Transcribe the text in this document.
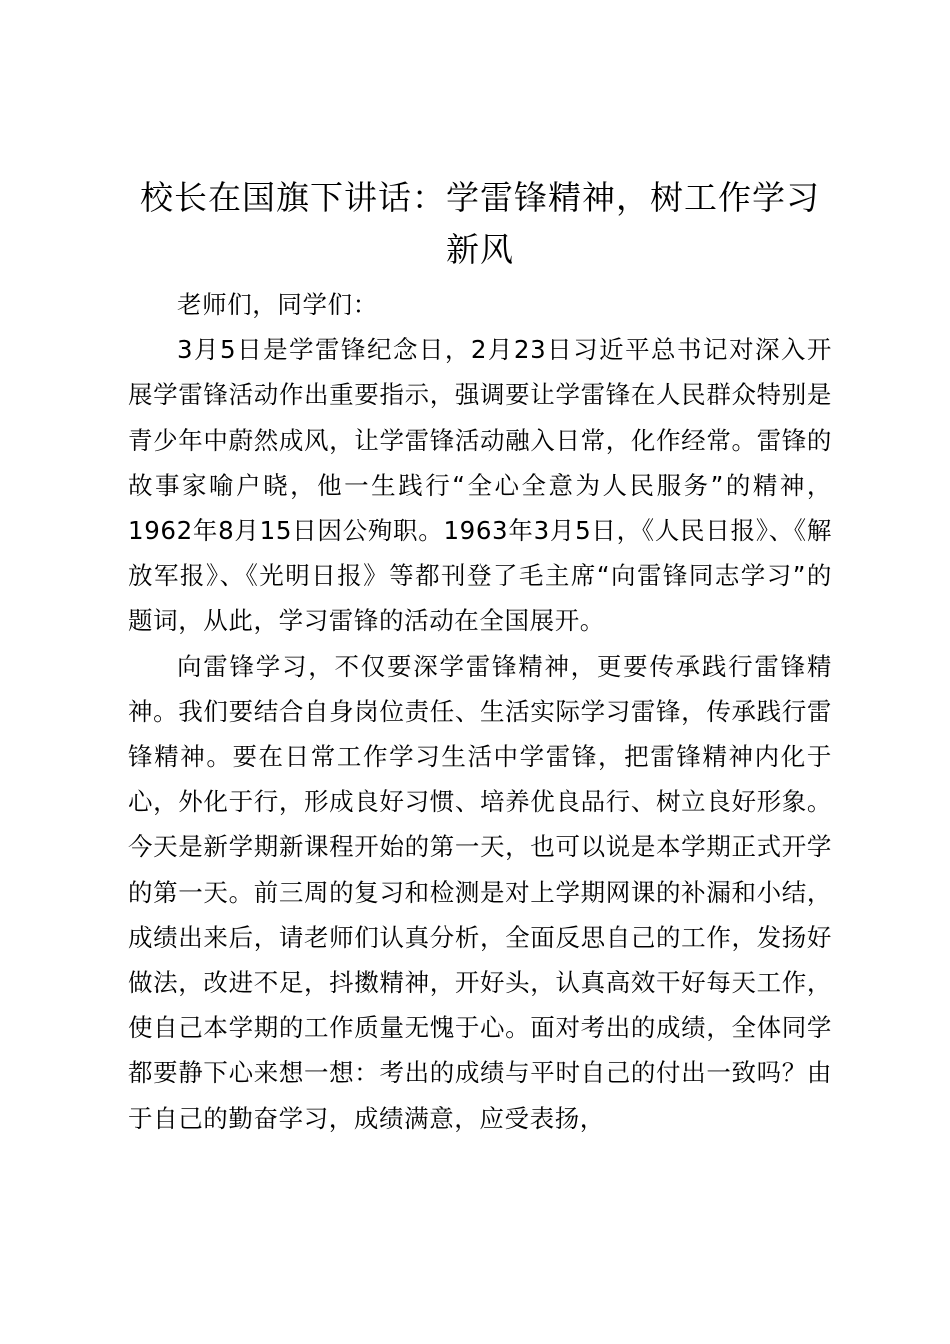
校长在国旗下讲话：学雷锋精神，树工作学习新风

老师们，同学们：

3月5日是学雷锋纪念日，2月23日习近平总书记对深入开展学雷锋活动作出重要指示，强调要让学雷锋在人民群众特别是青少年中蔚然成风，让学雷锋活动融入日常，化作经常。雷锋的故事家喻户晓，他一生践行“全心全意为人民服务”的精神，1962年8月15日因公殉职。1963年3月5日，《人民日报》、《解放军报》、《光明日报》等都刊登了毛主席“向雷锋同志学习”的题词，从此，学习雷锋的活动在全国展开。

向雷锋学习，不仅要深学雷锋精神，更要传承践行雷锋精神。我们要结合自身岗位责任、生活实际学习雷锋，传承践行雷锋精神。要在日常工作学习生活中学雷锋，把雷锋精神内化于心，外化于行，形成良好习惯、培养优良品行、树立良好形象。今天是新学期新课程开始的第一天，也可以说是本学期正式开学的第一天。前三周的复习和检测是对上学期网课的补漏和小结，成绩出来后，请老师们认真分析，全面反思自己的工作，发扬好做法，改进不足，抖擞精神，开好头，认真高效干好每天工作，使自己本学期的工作质量无愧于心。面对考出的成绩，全体同学都要静下心来想一想：考出的成绩与平时自己的付出一致吗？由于自己的勤奋学习，成绩满意，应受表扬，
